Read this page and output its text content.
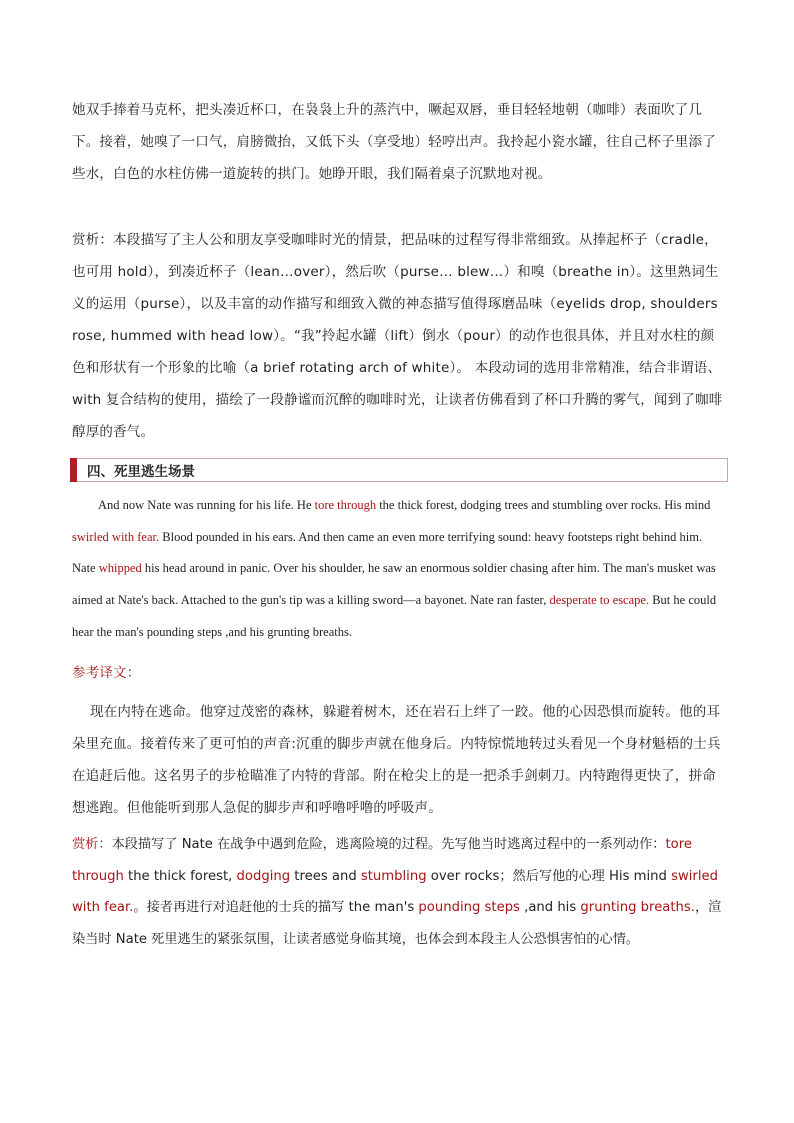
她双手捧着马克杯，把头凑近杯口，在袅袅上升的蒸汽中，噘起双唇，垂目轻轻地朝（咖啡）表面吹了几下。接着，她嗅了一口气，肩膀微抬，又低下头（享受地）轻哼出声。我拎起小瓷水罐，往自己杯子里添了些水，白色的水柱仿佛一道旋转的拱门。她睁开眼，我们隔着桌子沉默地对视。

赏析：本段描写了主人公和朋友享受咖啡时光的情景，把品味的过程写得非常细致。从捧起杯子（cradle，也可用 hold），到凑近杯子（lean…over），然后吹（purse… blew…）和嗅（breathe in）。这里熟词生义的运用（purse），以及丰富的动作描写和细致入微的神态描写值得琢磨品味（eyelids drop, shoulders rose, hummed with head low）。“我”拎起水罐（lift）倒水（pour）的动作也很具体，并且对水柱的颜色和形状有一个形象的比喻（a brief rotating arch of white）。 本段动词的选用非常精准，结合非谓语、with 复合结构的使用，描绘了一段静谧而沉醉的咖啡时光，让读者仿佛看到了杯口升腾的雾气，闻到了咖啡醇厚的香气。

四、死里逃生场景

And now Nate was running for his life. He tore through the thick forest, dodging trees and stumbling over rocks. His mind swirled with fear. Blood pounded in his ears. And then came an even more terrifying sound: heavy footsteps right behind him. Nate whipped his head around in panic. Over his shoulder, he saw an enormous soldier chasing after him. The man's musket was aimed at Nate's back. Attached to the gun's tip was a killing sword—a bayonet. Nate ran faster, desperate to escape. But he could hear the man's pounding steps ,and his grunting breaths.

参考译文：

现在内特在逃命。他穿过茂密的森林，躲避着树木，还在岩石上绊了一跤。他的心因恐惧而旋转。他的耳朵里充血。接着传来了更可怕的声音:沉重的脚步声就在他身后。内特惊慌地转过头看见一个身材魁梧的士兵在追赶后他。这名男子的步枪瞄准了内特的背部。附在枪尖上的是一把杀手剑刺刀。内特跑得更快了，拼命想逃跑。但他能听到那人急促的脚步声和呼噜呼噜的呼吸声。

赏析：本段描写了 Nate 在战争中遇到危险，逃离险境的过程。先写他当时逃离过程中的一系列动作：tore through the thick forest, dodging trees and stumbling over rocks；然后写他的心理 His mind swirled with fear.。接者再进行对追赶他的士兵的描写 the man's pounding steps ,and his grunting breaths.，渲染当时 Nate 死里逃生的紧张氛围，让读者感觉身临其境，也体会到本段主人公恐惧害怕的心情。
